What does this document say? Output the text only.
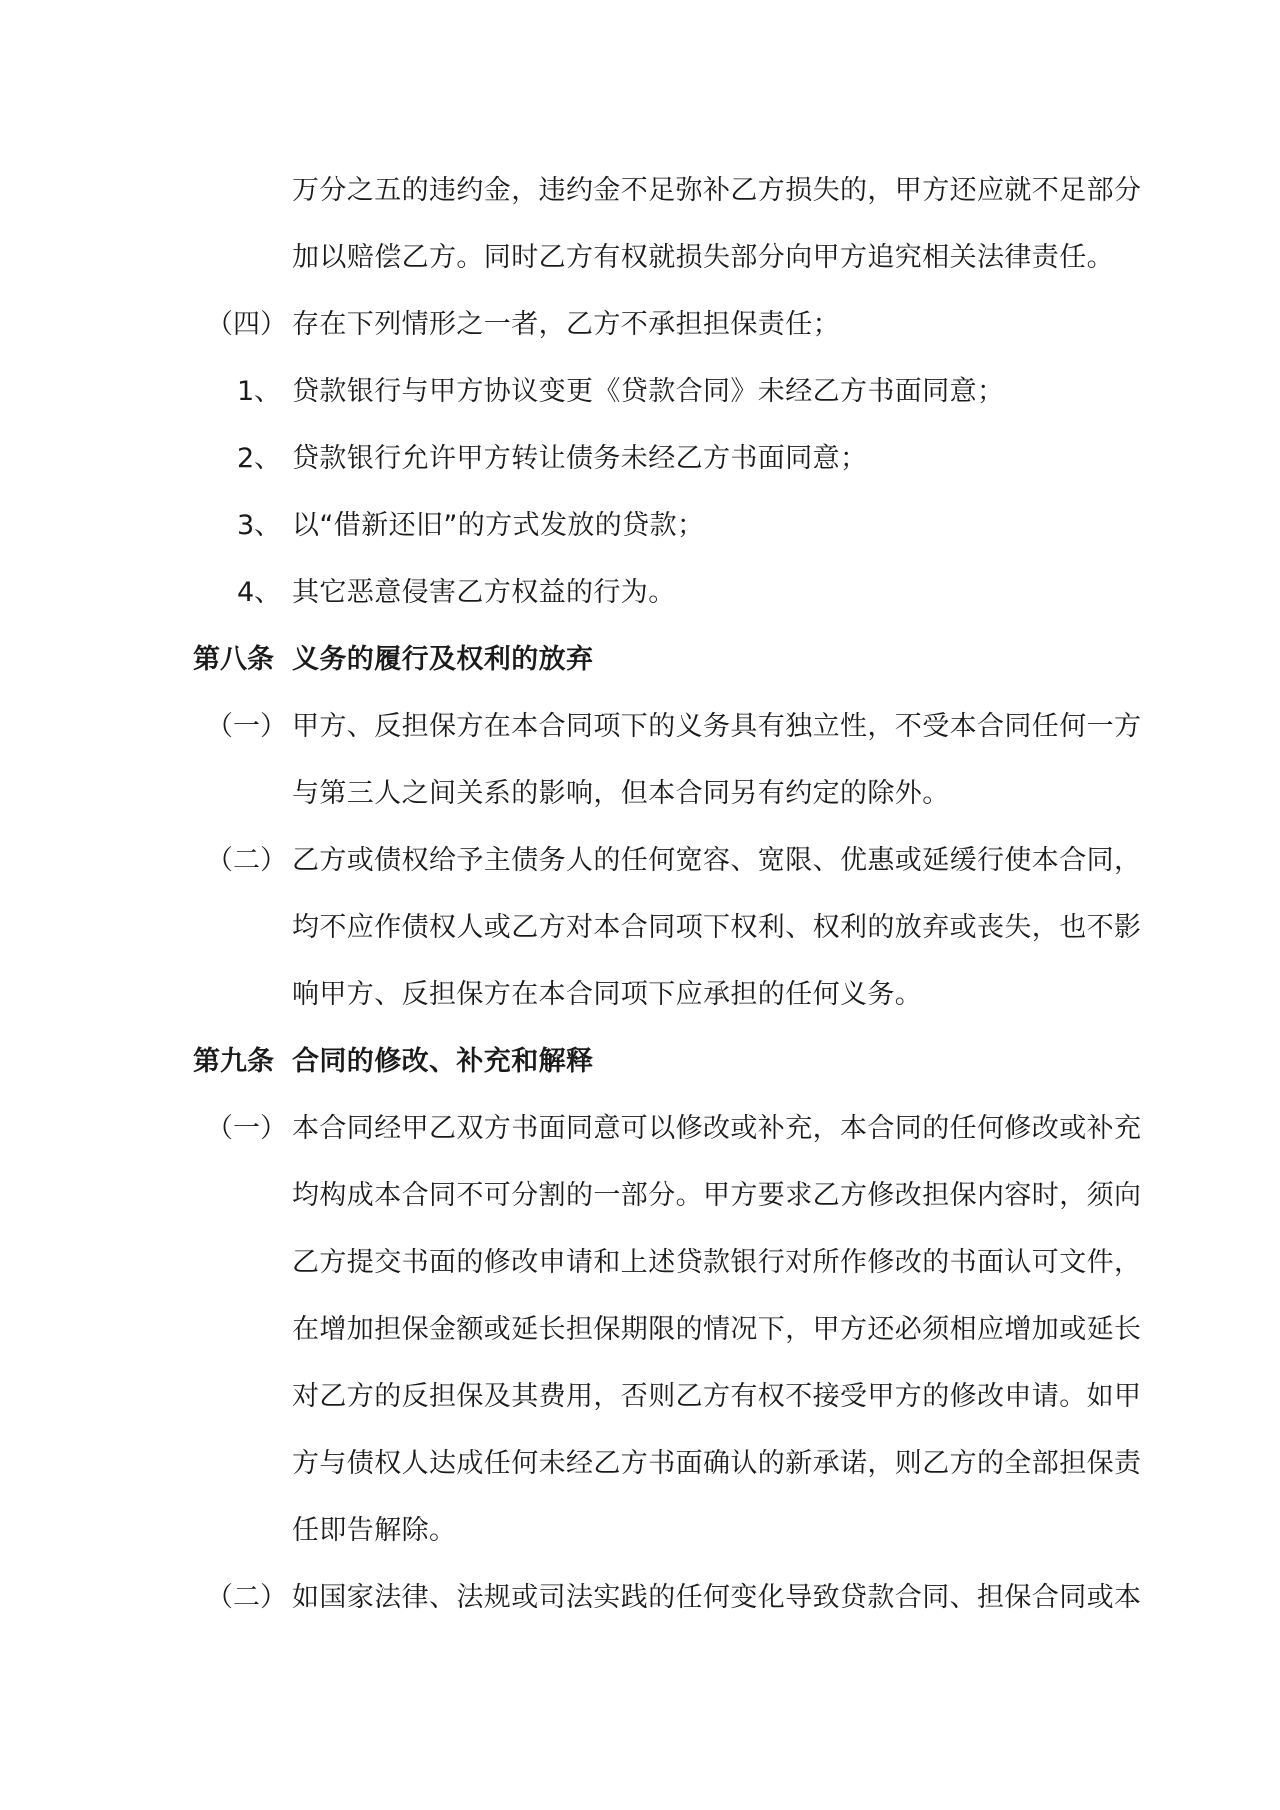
万分之五的违约金，违约金不足弥补乙方损失的，甲方还应就不足部分
加以赔偿乙方。同时乙方有权就损失部分向甲方追究相关法律责任。
（四） 存在下列情形之一者，乙方不承担担保责任；
1、 贷款银行与甲方协议变更《贷款合同》未经乙方书面同意；
2、 贷款银行允许甲方转让债务未经乙方书面同意；
3、 以“借新还旧”的方式发放的贷款；
4、 其它恶意侵害乙方权益的行为。
第八条 义务的履行及权利的放弃
（一） 甲方、反担保方在本合同项下的义务具有独立性，不受本合同任何一方
与第三人之间关系的影响，但本合同另有约定的除外。
（二） 乙方或债权给予主债务人的任何宽容、宽限、优惠或延缓行使本合同，
均不应作债权人或乙方对本合同项下权利、权利的放弃或丧失，也不影
响甲方、反担保方在本合同项下应承担的任何义务。
第九条 合同的修改、补充和解释
（一） 本合同经甲乙双方书面同意可以修改或补充，本合同的任何修改或补充
均构成本合同不可分割的一部分。甲方要求乙方修改担保内容时，须向
乙方提交书面的修改申请和上述贷款银行对所作修改的书面认可文件，
在增加担保金额或延长担保期限的情况下，甲方还必须相应增加或延长
对乙方的反担保及其费用，否则乙方有权不接受甲方的修改申请。如甲
方与债权人达成任何未经乙方书面确认的新承诺，则乙方的全部担保责
任即告解除。
（二） 如国家法律、法规或司法实践的任何变化导致贷款合同、担保合同或本
